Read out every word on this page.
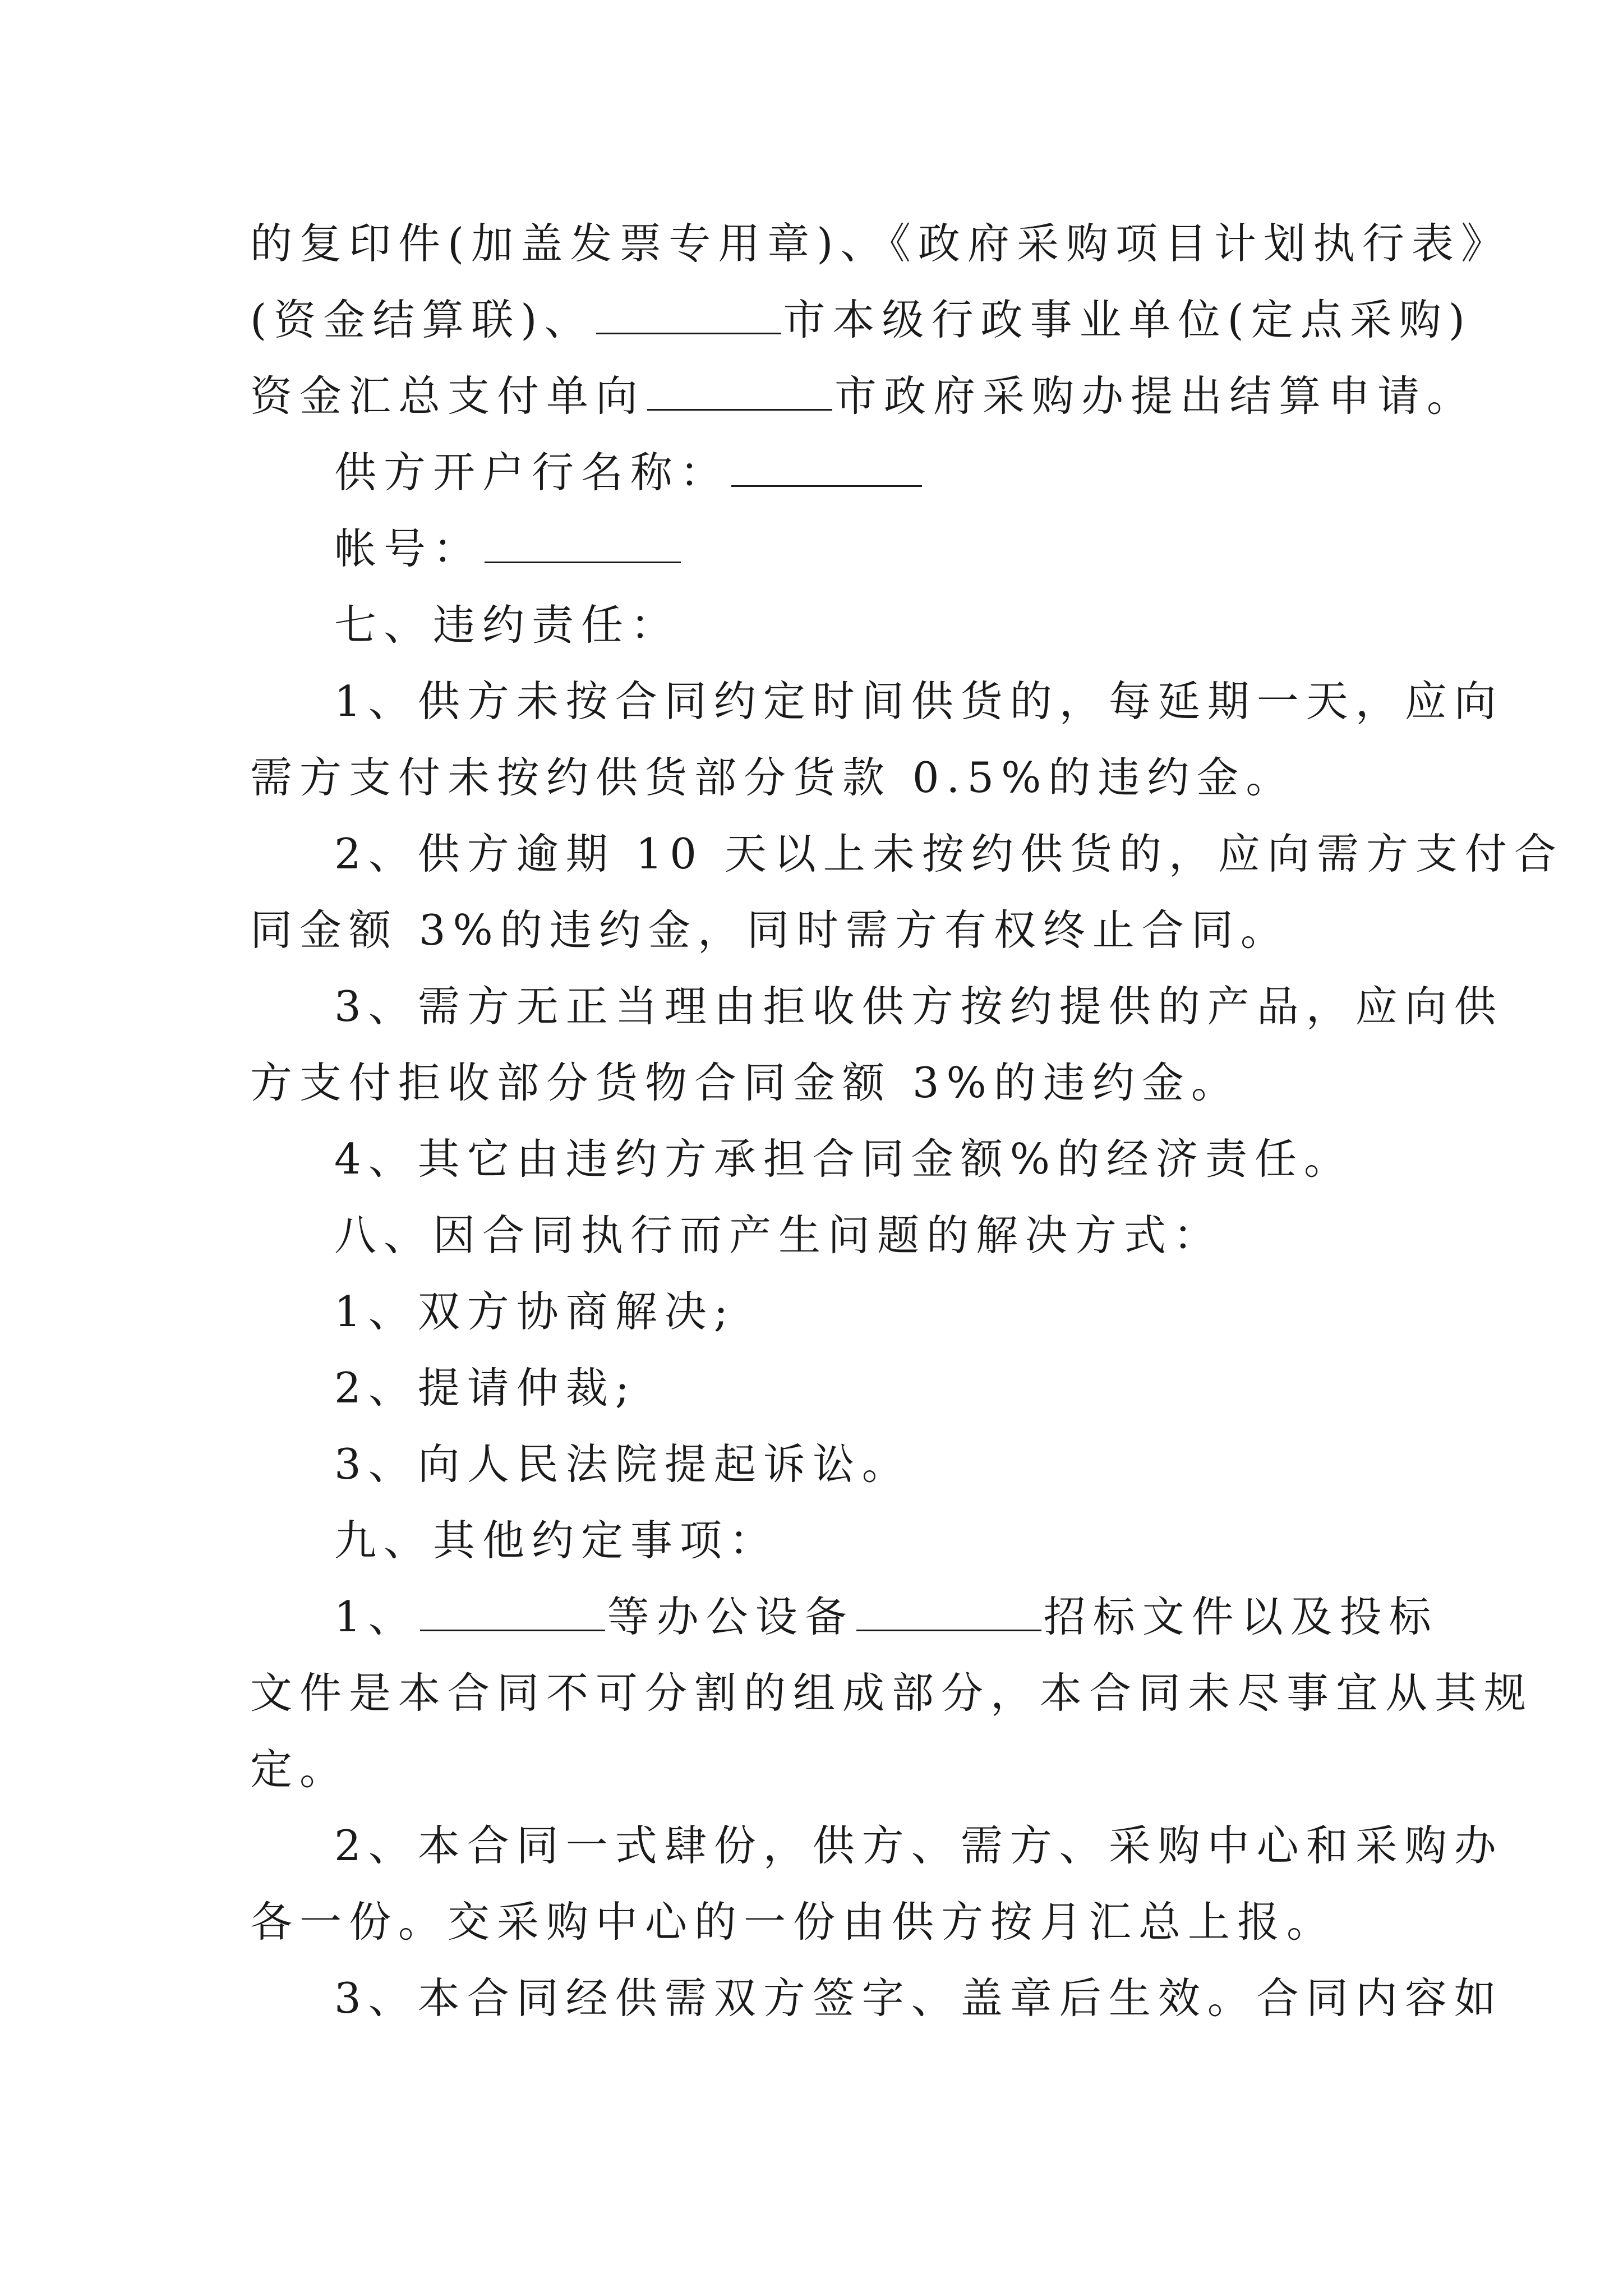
的复印件(加盖发票专用章)、《政府采购项目计划执行表》
(资金结算联)、	市本级行政事业单位(定点采购)
资金汇总支付单向	市政府采购办提出结算申请。
供方开户行名称：
帐号：
七、违约责任：
1、供方未按合同约定时间供货的，每延期一天，应向
需方支付未按约供货部分货款 0.5%的违约金。
2、供方逾期 10 天以上未按约供货的，应向需方支付合
同金额 3%的违约金，同时需方有权终止合同。
3、需方无正当理由拒收供方按约提供的产品，应向供
方支付拒收部分货物合同金额 3%的违约金。
4、其它由违约方承担合同金额%的经济责任。
八、因合同执行而产生问题的解决方式：
1、双方协商解决;
2、提请仲裁;
3、向人民法院提起诉讼。
九、其他约定事项：
1、	等办公设备	招标文件以及投标
文件是本合同不可分割的组成部分，本合同未尽事宜从其规
定。
2、本合同一式肆份，供方、需方、采购中心和采购办
各一份。交采购中心的一份由供方按月汇总上报。
3、本合同经供需双方签字、盖章后生效。合同内容如
